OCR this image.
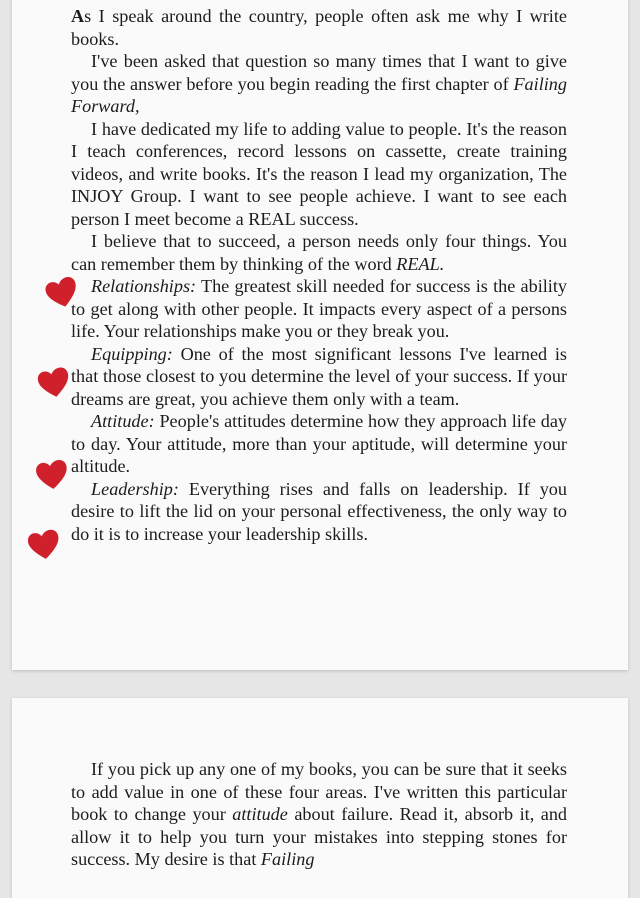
As I speak around the country, people often ask me why I write books.

I've been asked that question so many times that I want to give you the answer before you begin reading the first chapter of Failing Forward,

I have dedicated my life to adding value to people. It's the reason I teach conferences, record lessons on cassette, create training videos, and write books. It's the reason I lead my organization, The INJOY Group. I want to see people achieve. I want to see each person I meet become a REAL success.

I believe that to succeed, a person needs only four things. You can remember them by thinking of the word REAL.

Relationships: The greatest skill needed for success is the ability to get along with other people. It impacts every aspect of a persons life. Your relationships make you or they break you.

Equipping: One of the most significant lessons I've learned is that those closest to you determine the level of your success. If your dreams are great, you achieve them only with a team.

Attitude: People's attitudes determine how they approach life day to day. Your attitude, more than your aptitude, will determine your altitude.

Leadership: Everything rises and falls on leadership. If you desire to lift the lid on your personal effectiveness, the only way to do it is to increase your leadership skills.

If you pick up any one of my books, you can be sure that it seeks to add value in one of these four areas. I've written this particular book to change your attitude about failure. Read it, absorb it, and allow it to help you turn your mistakes into stepping stones for success. My desire is that Failing
